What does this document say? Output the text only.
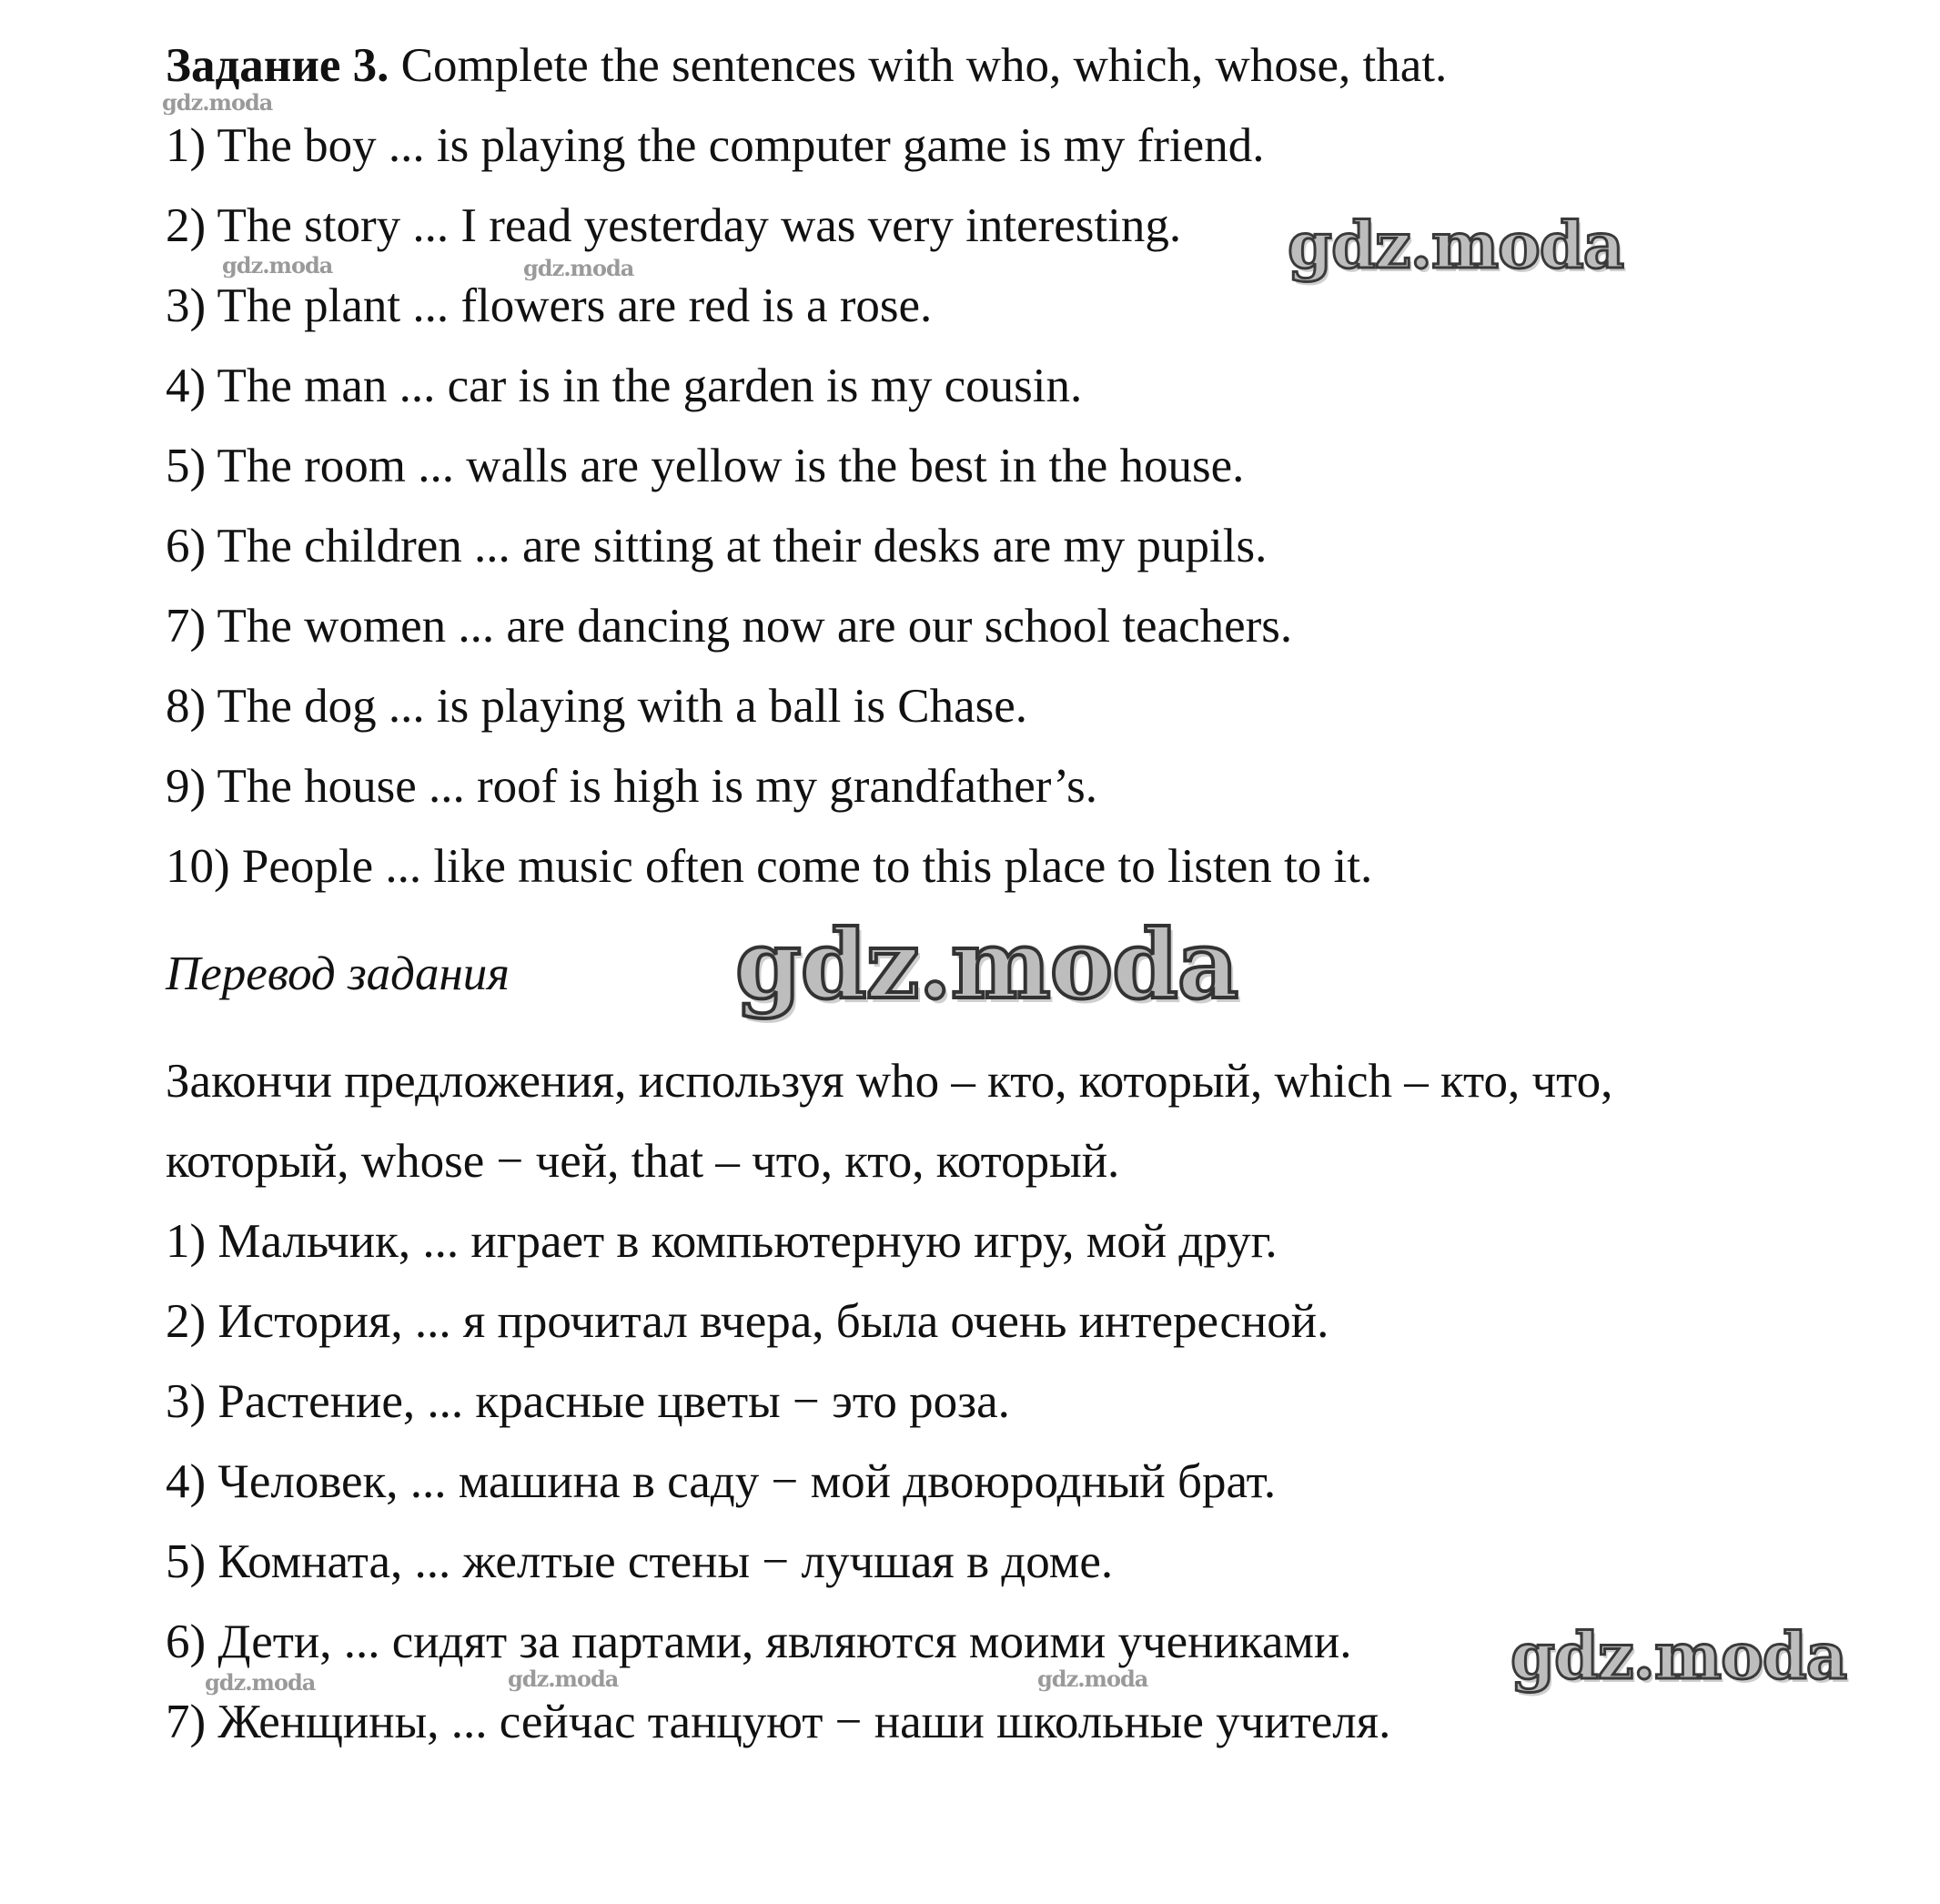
Задание 3. Complete the sentences with who, which, whose, that.
1) The boy ... is playing the computer game is my friend.
2) The story ... I read yesterday was very interesting.
3) The plant ... flowers are red is a rose.
4) The man ... car is in the garden is my cousin.
5) The room ... walls are yellow is the best in the house.
6) The children ... are sitting at their desks are my pupils.
7) The women ... are dancing now are our school teachers.
8) The dog ... is playing with a ball is Chase.
9) The house ... roof is high is my grandfather’s.
10) People ... like music often come to this place to listen to it.
Перевод задания
Закончи предложения, используя who – кто, который, which – кто, что,
который, whose − чей, that – что, кто, который.
1) Мальчик, ... играет в компьютерную игру, мой друг.
2) История, ... я прочитал вчера, была очень интересной.
3) Растение, ... красные цветы − это роза.
4) Человек, ... машина в саду − мой двоюродный брат.
5) Комната, ... желтые стены − лучшая в доме.
6) Дети, ... сидят за партами, являются моими учениками.
7) Женщины, ... сейчас танцуют − наши школьные учителя.
gdz.moda
gdz.moda
gdz.moda	gdz.moda
gdz.moda
gdz.moda
gdz.moda	gdz.moda	gdz.moda
